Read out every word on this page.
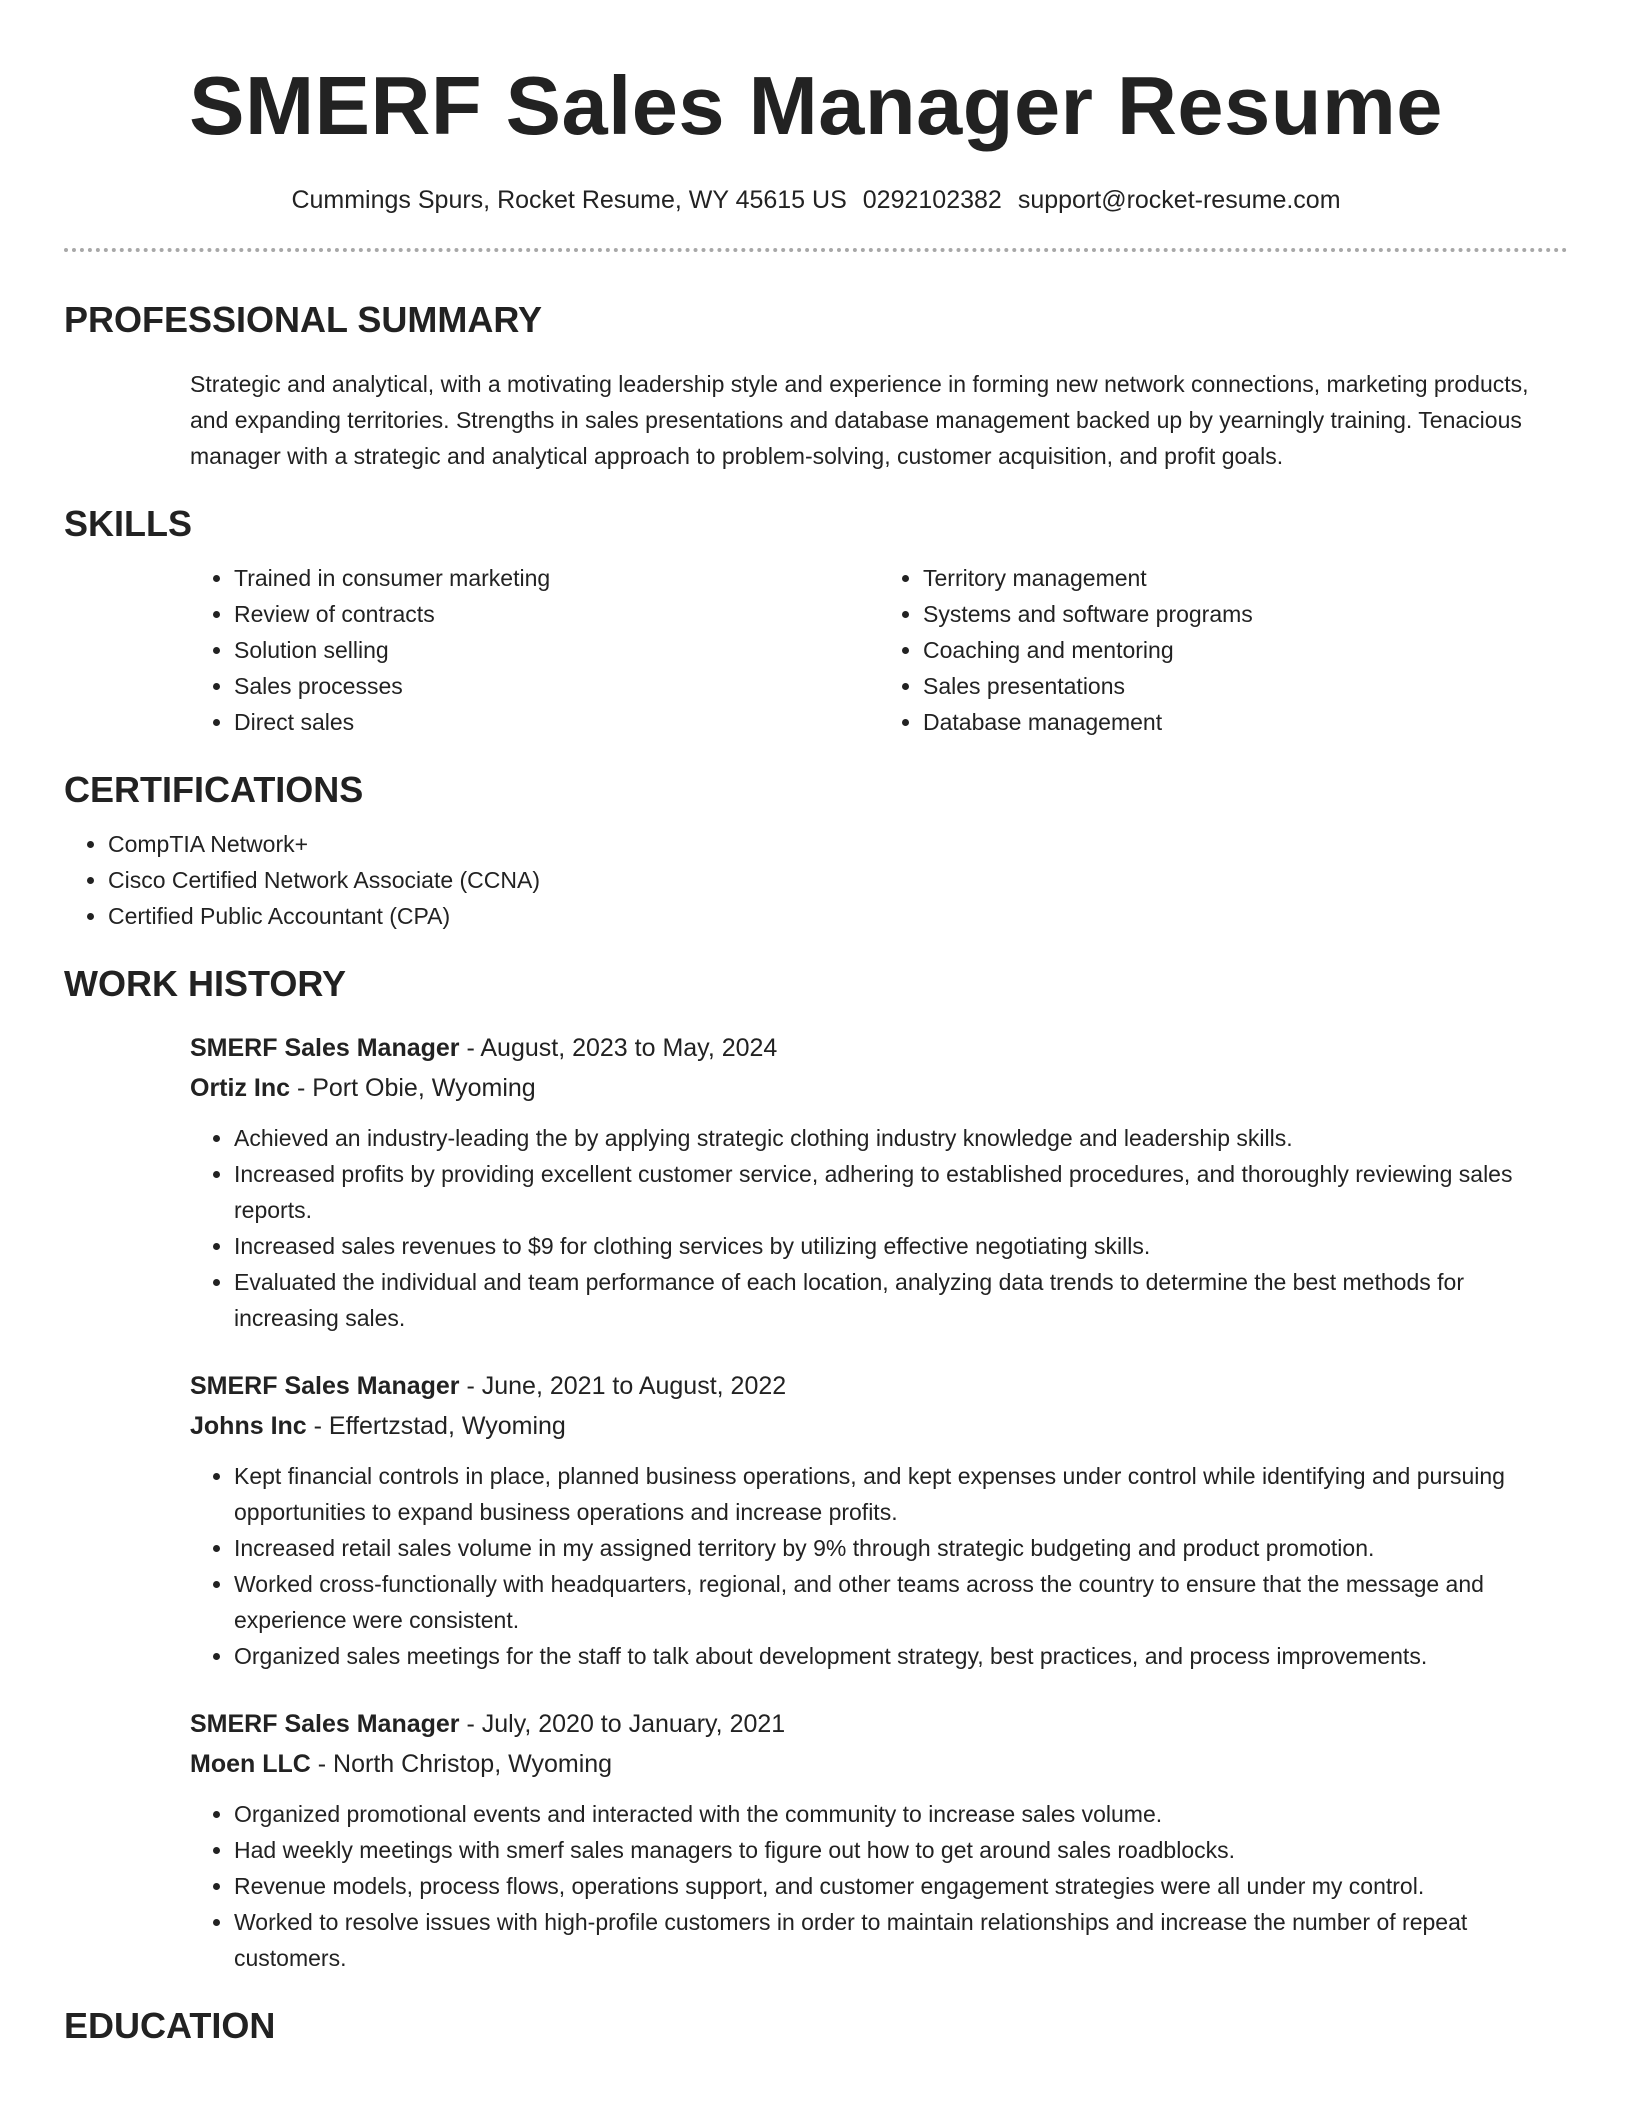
SMERF Sales Manager Resume
Cummings Spurs, Rocket Resume, WY 45615 US 0292102382 support@rocket-resume.com
PROFESSIONAL SUMMARY

Strategic and analytical, with a motivating leadership style and experience in forming new network connections, marketing products, and expanding territories. Strengths in sales presentations and database management backed up by yearningly training. Tenacious manager with a strategic and analytical approach to problem-solving, customer acquisition, and profit goals.

SKILLS
• Trained in consumer marketing
• Review of contracts
• Solution selling
• Sales processes
• Direct sales
• Territory management
• Systems and software programs
• Coaching and mentoring
• Sales presentations
• Database management
CERTIFICATIONS
• CompTIA Network+
• Cisco Certified Network Associate (CCNA)
• Certified Public Accountant (CPA)
WORK HISTORY
SMERF Sales Manager - August, 2023 to May, 2024
Ortiz Inc - Port Obie, Wyoming
• Achieved an industry-leading the by applying strategic clothing industry knowledge and leadership skills.
• Increased profits by providing excellent customer service, adhering to established procedures, and thoroughly reviewing sales reports.
• Increased sales revenues to $9 for clothing services by utilizing effective negotiating skills.
• Evaluated the individual and team performance of each location, analyzing data trends to determine the best methods for increasing sales.
SMERF Sales Manager - June, 2021 to August, 2022
Johns Inc - Effertzstad, Wyoming
• Kept financial controls in place, planned business operations, and kept expenses under control while identifying and pursuing opportunities to expand business operations and increase profits.
• Increased retail sales volume in my assigned territory by 9% through strategic budgeting and product promotion.
• Worked cross-functionally with headquarters, regional, and other teams across the country to ensure that the message and experience were consistent.
• Organized sales meetings for the staff to talk about development strategy, best practices, and process improvements.
SMERF Sales Manager - July, 2020 to January, 2021
Moen LLC - North Christop, Wyoming
• Organized promotional events and interacted with the community to increase sales volume.
• Had weekly meetings with smerf sales managers to figure out how to get around sales roadblocks.
• Revenue models, process flows, operations support, and customer engagement strategies were all under my control.
• Worked to resolve issues with high-profile customers in order to maintain relationships and increase the number of repeat customers.
EDUCATION
